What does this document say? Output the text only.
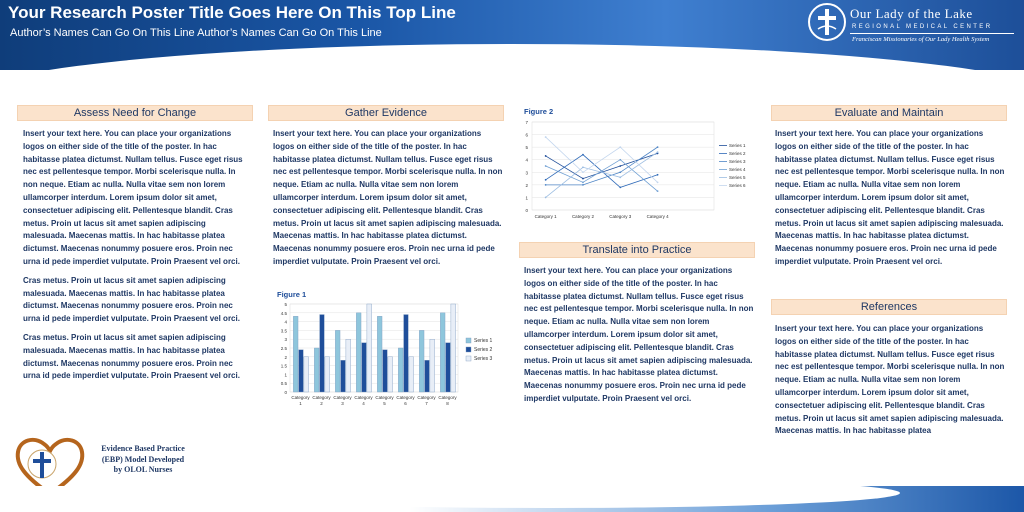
Your Research Poster Title Goes Here On This Top Line
Author’s Names Can Go On This Line Author’s Names Can Go On This Line
Our Lady of the Lake
REGIONAL MEDICAL CENTER
Franciscan Missionaries of Our Lady Health System
Assess Need for Change

Insert your text here. You can place your organizations logos on either side of the title of the poster. In hac habitasse platea dictumst. Nullam tellus. Fusce eget risus nec est pellentesque tempor. Morbi scelerisque nulla. In non neque. Etiam ac nulla. Nulla vitae sem non lorem ullamcorper interdum. Lorem ipsum dolor sit amet, consectetuer adipiscing elit. Pellentesque blandit. Cras metus. Proin ut lacus sit amet sapien adipiscing malesuada. Maecenas mattis. In hac habitasse platea dictumst. Maecenas nonummy posuere eros. Proin nec urna id pede imperdiet vulputate. Proin Praesent vel orci.

Cras metus. Proin ut lacus sit amet sapien adipiscing malesuada. Maecenas mattis. In hac habitasse platea dictumst. Maecenas nonummy posuere eros. Proin nec urna id pede imperdiet vulputate. Proin Praesent vel orci.

Cras metus. Proin ut lacus sit amet sapien adipiscing malesuada. Maecenas mattis. In hac habitasse platea dictumst. Maecenas nonummy posuere eros. Proin nec urna id pede imperdiet vulputate. Proin Praesent vel orci.

Evidence Based Practice
(EBP) Model Developed
by OLOL Nurses
Gather Evidence

Insert your text here. You can place your organizations logos on either side of the title of the poster. In hac habitasse platea dictumst. Nullam tellus. Fusce eget risus nec est pellentesque tempor. Morbi scelerisque nulla. In non neque. Etiam ac nulla. Nulla vitae sem non lorem ullamcorper interdum. Lorem ipsum dolor sit amet, consectetuer adipiscing elit. Pellentesque blandit. Cras metus. Proin ut lacus sit amet sapien adipiscing malesuada. Maecenas mattis. In hac habitasse platea dictumst. Maecenas nonummy posuere eros. Proin nec urna id pede imperdiet vulputate. Proin Praesent vel orci.

Figure 1
0
0.5
1
1.5
2
2.5
3
3.5
4
4.5
5
Category
1
Category
2
Category
3
Category
4
Category
5
Category
6
Category
7
Category
8
Series 1
Series 2
Series 3
Figure 2
0
1
2
3
4
5
6
7
Category 1	Category 2	Category 3	Category 4
Series 1
Series 2
Series 3
Series 4
Series 5
Series 6
Translate into Practice

Insert your text here. You can place your organizations logos on either side of the title of the poster. In hac habitasse platea dictumst. Nullam tellus. Fusce eget risus nec est pellentesque tempor. Morbi scelerisque nulla. In non neque. Etiam ac nulla. Nulla vitae sem non lorem ullamcorper interdum. Lorem ipsum dolor sit amet, consectetuer adipiscing elit. Pellentesque blandit. Cras metus. Proin ut lacus sit amet sapien adipiscing malesuada. Maecenas mattis. In hac habitasse platea dictumst. Maecenas nonummy posuere eros. Proin nec urna id pede imperdiet vulputate. Proin Praesent vel orci.

Evaluate and Maintain

Insert your text here. You can place your organizations logos on either side of the title of the poster. In hac habitasse platea dictumst. Nullam tellus. Fusce eget risus nec est pellentesque tempor. Morbi scelerisque nulla. In non neque. Etiam ac nulla. Nulla vitae sem non lorem ullamcorper interdum. Lorem ipsum dolor sit amet, consectetuer adipiscing elit. Pellentesque blandit. Cras metus. Proin ut lacus sit amet sapien adipiscing malesuada. Maecenas mattis. In hac habitasse platea dictumst. Maecenas nonummy posuere eros. Proin nec urna id pede imperdiet vulputate. Proin Praesent vel orci.

References

Insert your text here. You can place your organizations logos on either side of the title of the poster. In hac habitasse platea dictumst. Nullam tellus. Fusce eget risus nec est pellentesque tempor. Morbi scelerisque nulla. In non neque. Etiam ac nulla. Nulla vitae sem non lorem ullamcorper interdum. Lorem ipsum dolor sit amet, consectetuer adipiscing elit. Pellentesque blandit. Cras metus. Proin ut lacus sit amet sapien adipiscing malesuada. Maecenas mattis. In hac habitasse platea
